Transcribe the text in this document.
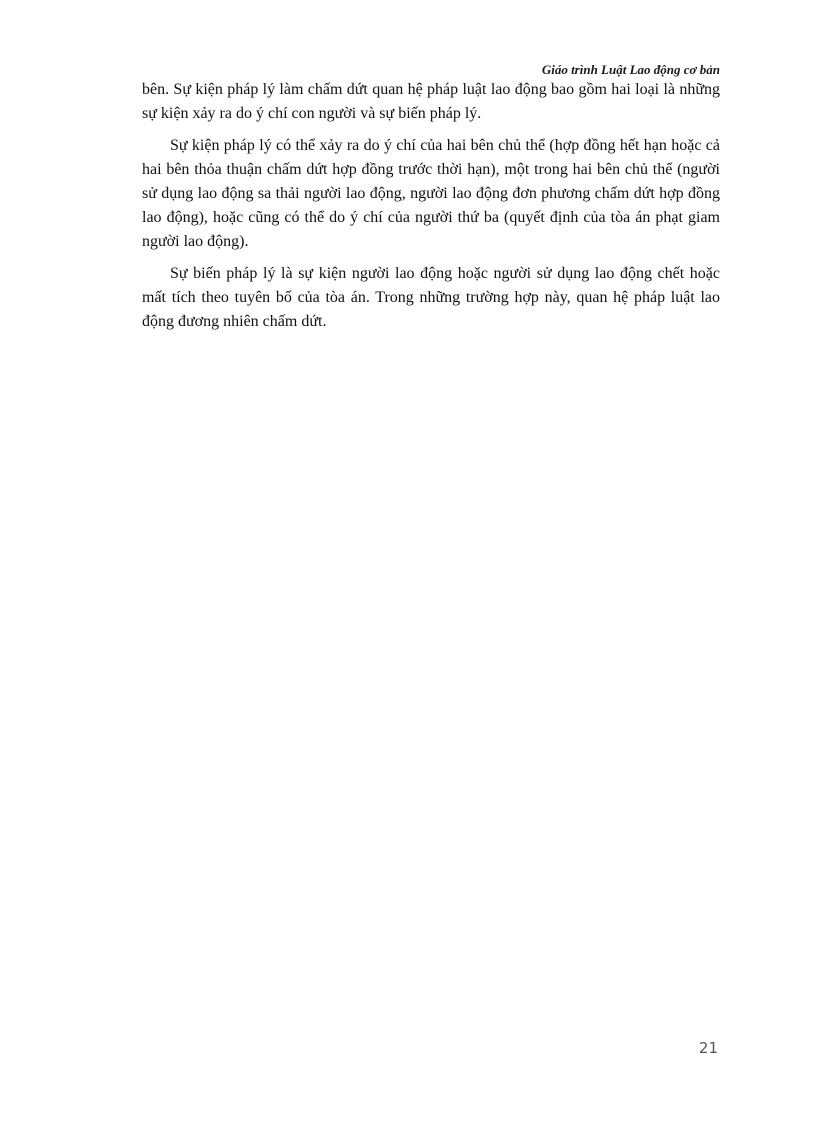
Giáo trình Luật Lao động cơ bản

bên. Sự kiện pháp lý làm chấm dứt quan hệ pháp luật lao động bao gồm hai loại là những sự kiện xảy ra do ý chí con người và sự biến pháp lý.

Sự kiện pháp lý có thể xảy ra do ý chí của hai bên chủ thể (hợp đồng hết hạn hoặc cả hai bên thỏa thuận chấm dứt hợp đồng trước thời hạn), một trong hai bên chủ thể (người sử dụng lao động sa thải người lao động, người lao động đơn phương chấm dứt hợp đồng lao động), hoặc cũng có thể do ý chí của người thứ ba (quyết định của tòa án phạt giam người lao động).

Sự biến pháp lý là sự kiện người lao động hoặc người sử dụng lao động chết hoặc mất tích theo tuyên bố của tòa án. Trong những trường hợp này, quan hệ pháp luật lao động đương nhiên chấm dứt.

21
